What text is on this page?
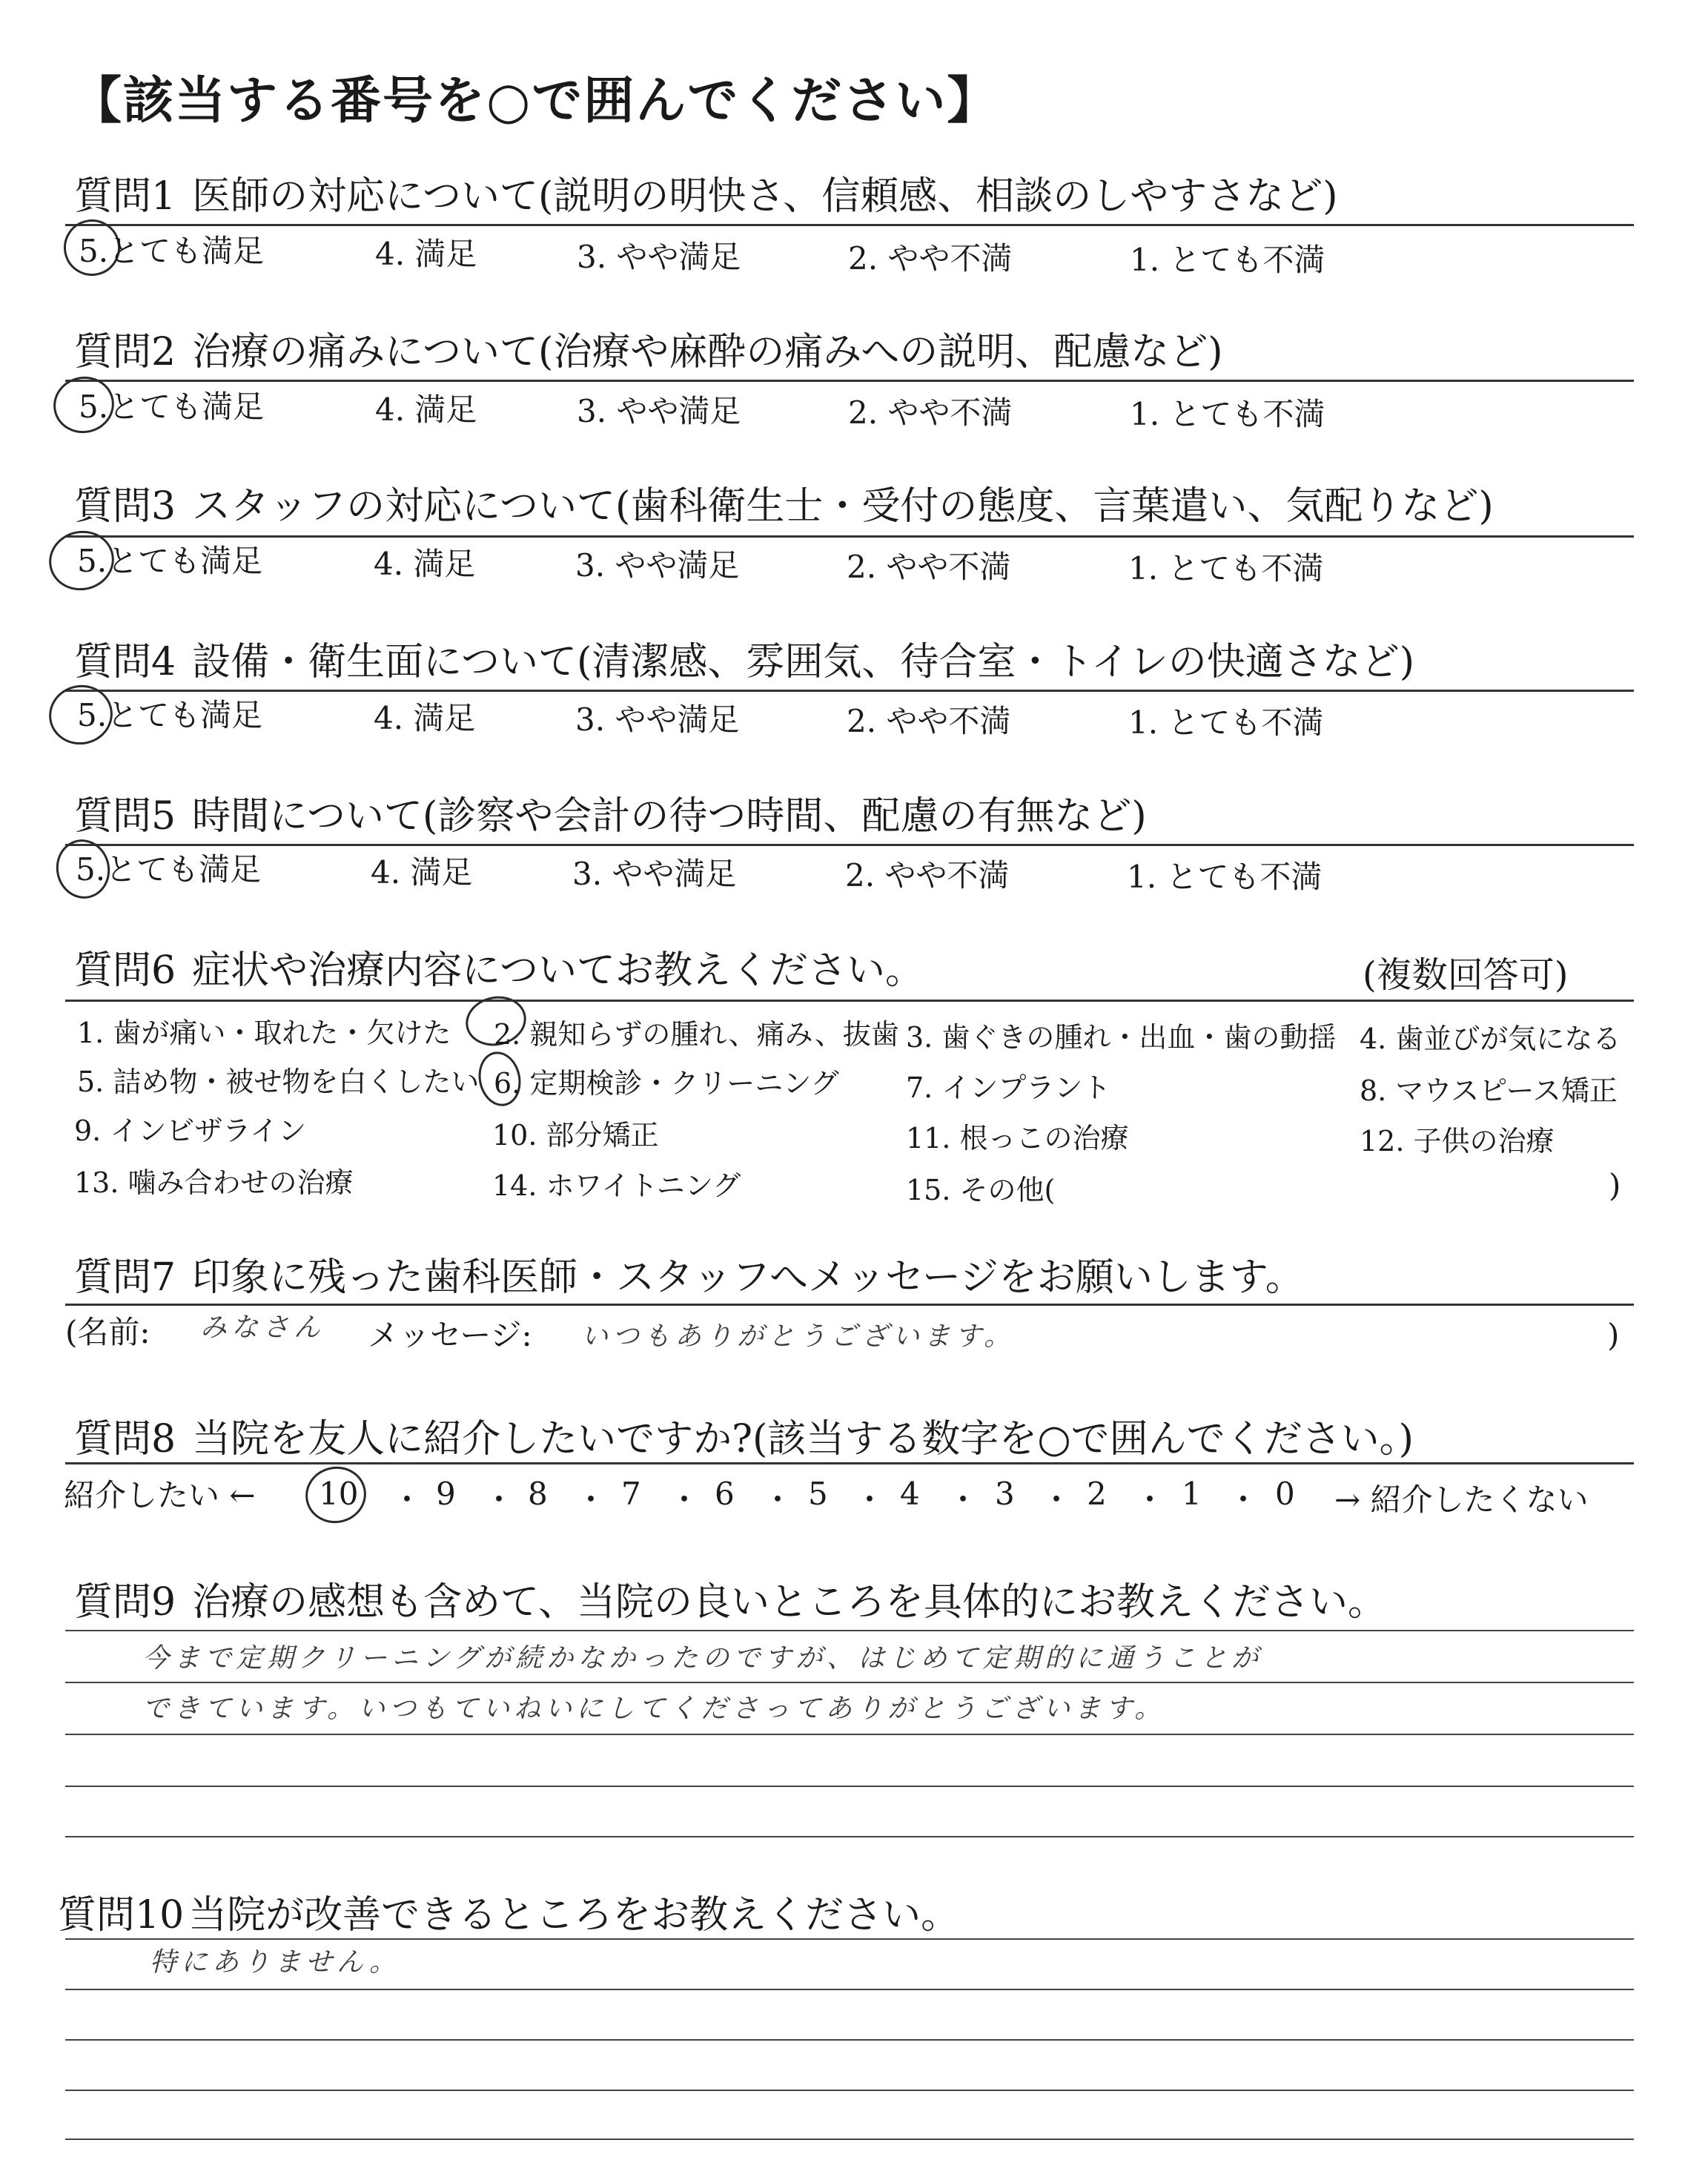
【該当する番号を○で囲んでください】
質問1 医師の対応について(説明の明快さ、信頼感、相談のしやすさなど)
5.とても満足	4. 満足	3. やや満足	2. やや不満	1. とても不満
質問2 治療の痛みについて(治療や麻酔の痛みへの説明、配慮など)
5.とても満足	4. 満足	3. やや満足	2. やや不満	1. とても不満
質問3 スタッフの対応について(歯科衛生士・受付の態度、言葉遣い、気配りなど)
5.とても満足	4. 満足	3. やや満足	2. やや不満	1. とても不満
質問4 設備・衛生面について(清潔感、雰囲気、待合室・トイレの快適さなど)
5.とても満足	4. 満足	3. やや満足	2. やや不満	1. とても不満
質問5 時間について(診察や会計の待つ時間、配慮の有無など)
5.とても満足	4. 満足	3. やや満足	2. やや不満	1. とても不満
質問6 症状や治療内容についてお教えください。	(複数回答可)
1. 歯が痛い・取れた・欠けた 2. 親知らずの腫れ、痛み、抜歯 3. 歯ぐきの腫れ・出血・歯の動揺 4. 歯並びが気になる
5. 詰め物・被せ物を白くしたい 6. 定期検診・クリーニング 7. インプラント	8. マウスピース矯正
9. インビザライン	10. 部分矯正	11. 根っこの治療	12. 子供の治療
13. 噛み合わせの治療	14. ホワイトニング	15. その他(	)
質問7 印象に残った歯科医師・スタッフへメッセージをお願いします。
(名前: みなさん メッセージ: いつもありがとうございます。	)
質問8 当院を友人に紹介したいですか?(該当する数字を○で囲んでください。)
紹介したい ← 10 ・ 9 ・ 8 ・ 7 ・ 6 ・ 5 ・ 4 ・ 3 ・ 2 ・ 1 ・ 0 → 紹介したくない
質問9 治療の感想も含めて、当院の良いところを具体的にお教えください。
今まで定期クリーニングが続かなかったのですが、はじめて定期的に通うことが
できています。いつもていねいにしてくださってありがとうございます。
質問10 当院が改善できるところをお教えください。
特にありません。
